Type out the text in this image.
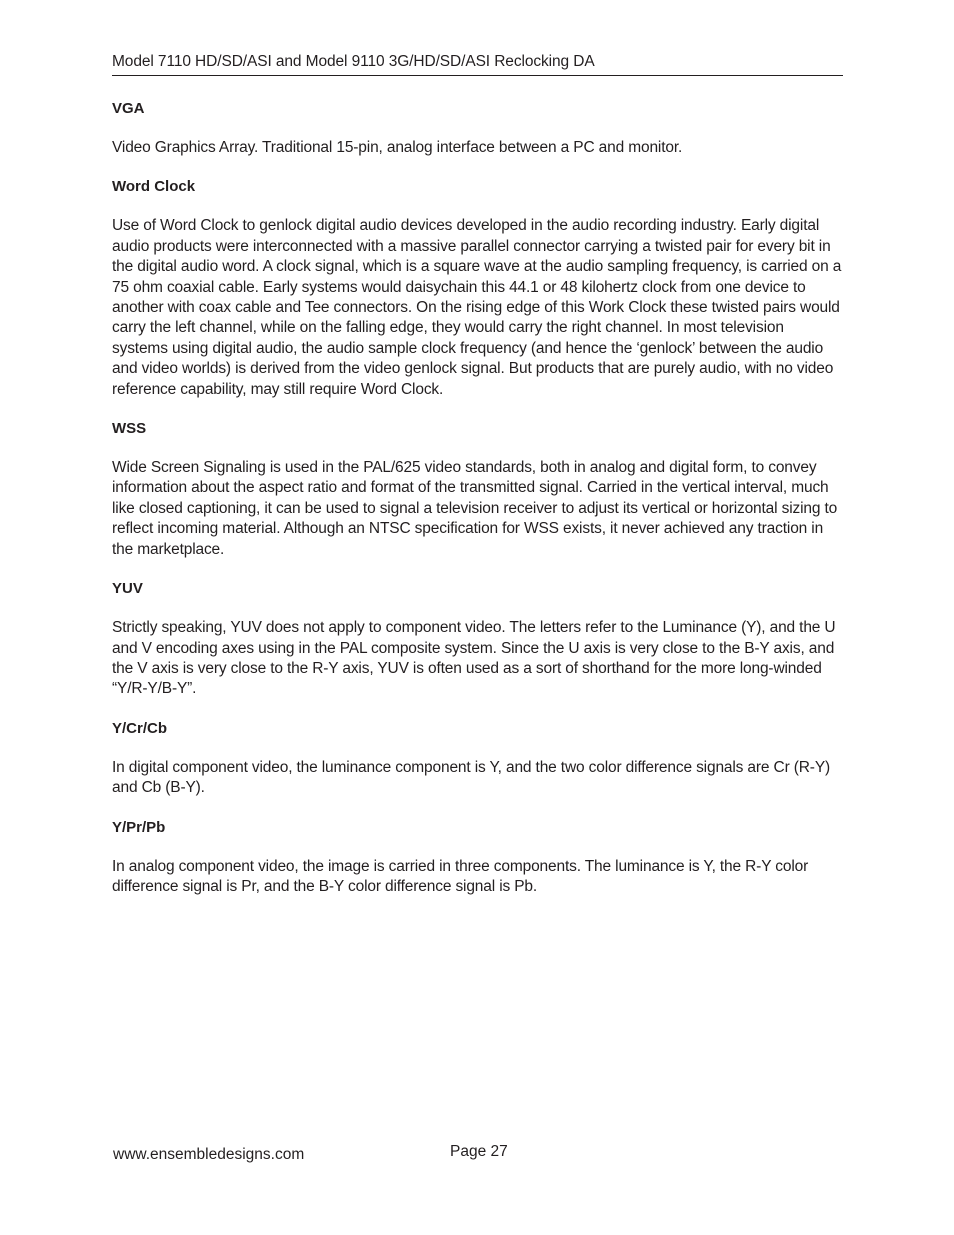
Model 7110 HD/SD/ASI and Model 9110 3G/HD/SD/ASI Reclocking DA

VGA

Video Graphics Array. Traditional 15-pin, analog interface between a PC and monitor.

Word Clock

Use of Word Clock to genlock digital audio devices developed in the audio recording industry. Early digital audio products were interconnected with a massive parallel connector carrying a twisted pair for every bit in the digital audio word. A clock signal, which is a square wave at the audio sampling frequency, is carried on a 75 ohm coaxial cable. Early systems would daisychain this 44.1 or 48 kilohertz clock from one device to another with coax cable and Tee connectors. On the rising edge of this Work Clock these twisted pairs would carry the left channel, while on the falling edge, they would carry the right channel. In most television systems using digital audio, the audio sample clock frequency (and hence the ‘genlock’ between the audio and video worlds) is derived from the video genlock signal. But products that are purely audio, with no video reference capability, may still require Word Clock.

WSS

Wide Screen Signaling is used in the PAL/625 video standards, both in analog and digital form, to convey information about the aspect ratio and format of the transmitted signal. Carried in the vertical interval, much like closed captioning, it can be used to signal a television receiver to adjust its vertical or horizontal sizing to reflect incoming material. Although an NTSC specification for WSS exists, it never achieved any traction in the marketplace.

YUV

Strictly speaking, YUV does not apply to component video. The letters refer to the Luminance (Y), and the U and V encoding axes using in the PAL composite system. Since the U axis is very close to the B-Y axis, and the V axis is very close to the R-Y axis, YUV is often used as a sort of shorthand for the more long-winded “Y/R-Y/B-Y”.

Y/Cr/Cb

In digital component video, the luminance component is Y, and the two color difference signals are Cr (R-Y) and Cb (B-Y).

Y/Pr/Pb

In analog component video, the image is carried in three components. The luminance is Y, the R-Y color difference signal is Pr, and the B-Y color difference signal is Pb.

www.ensembledesigns.com	Page 27
